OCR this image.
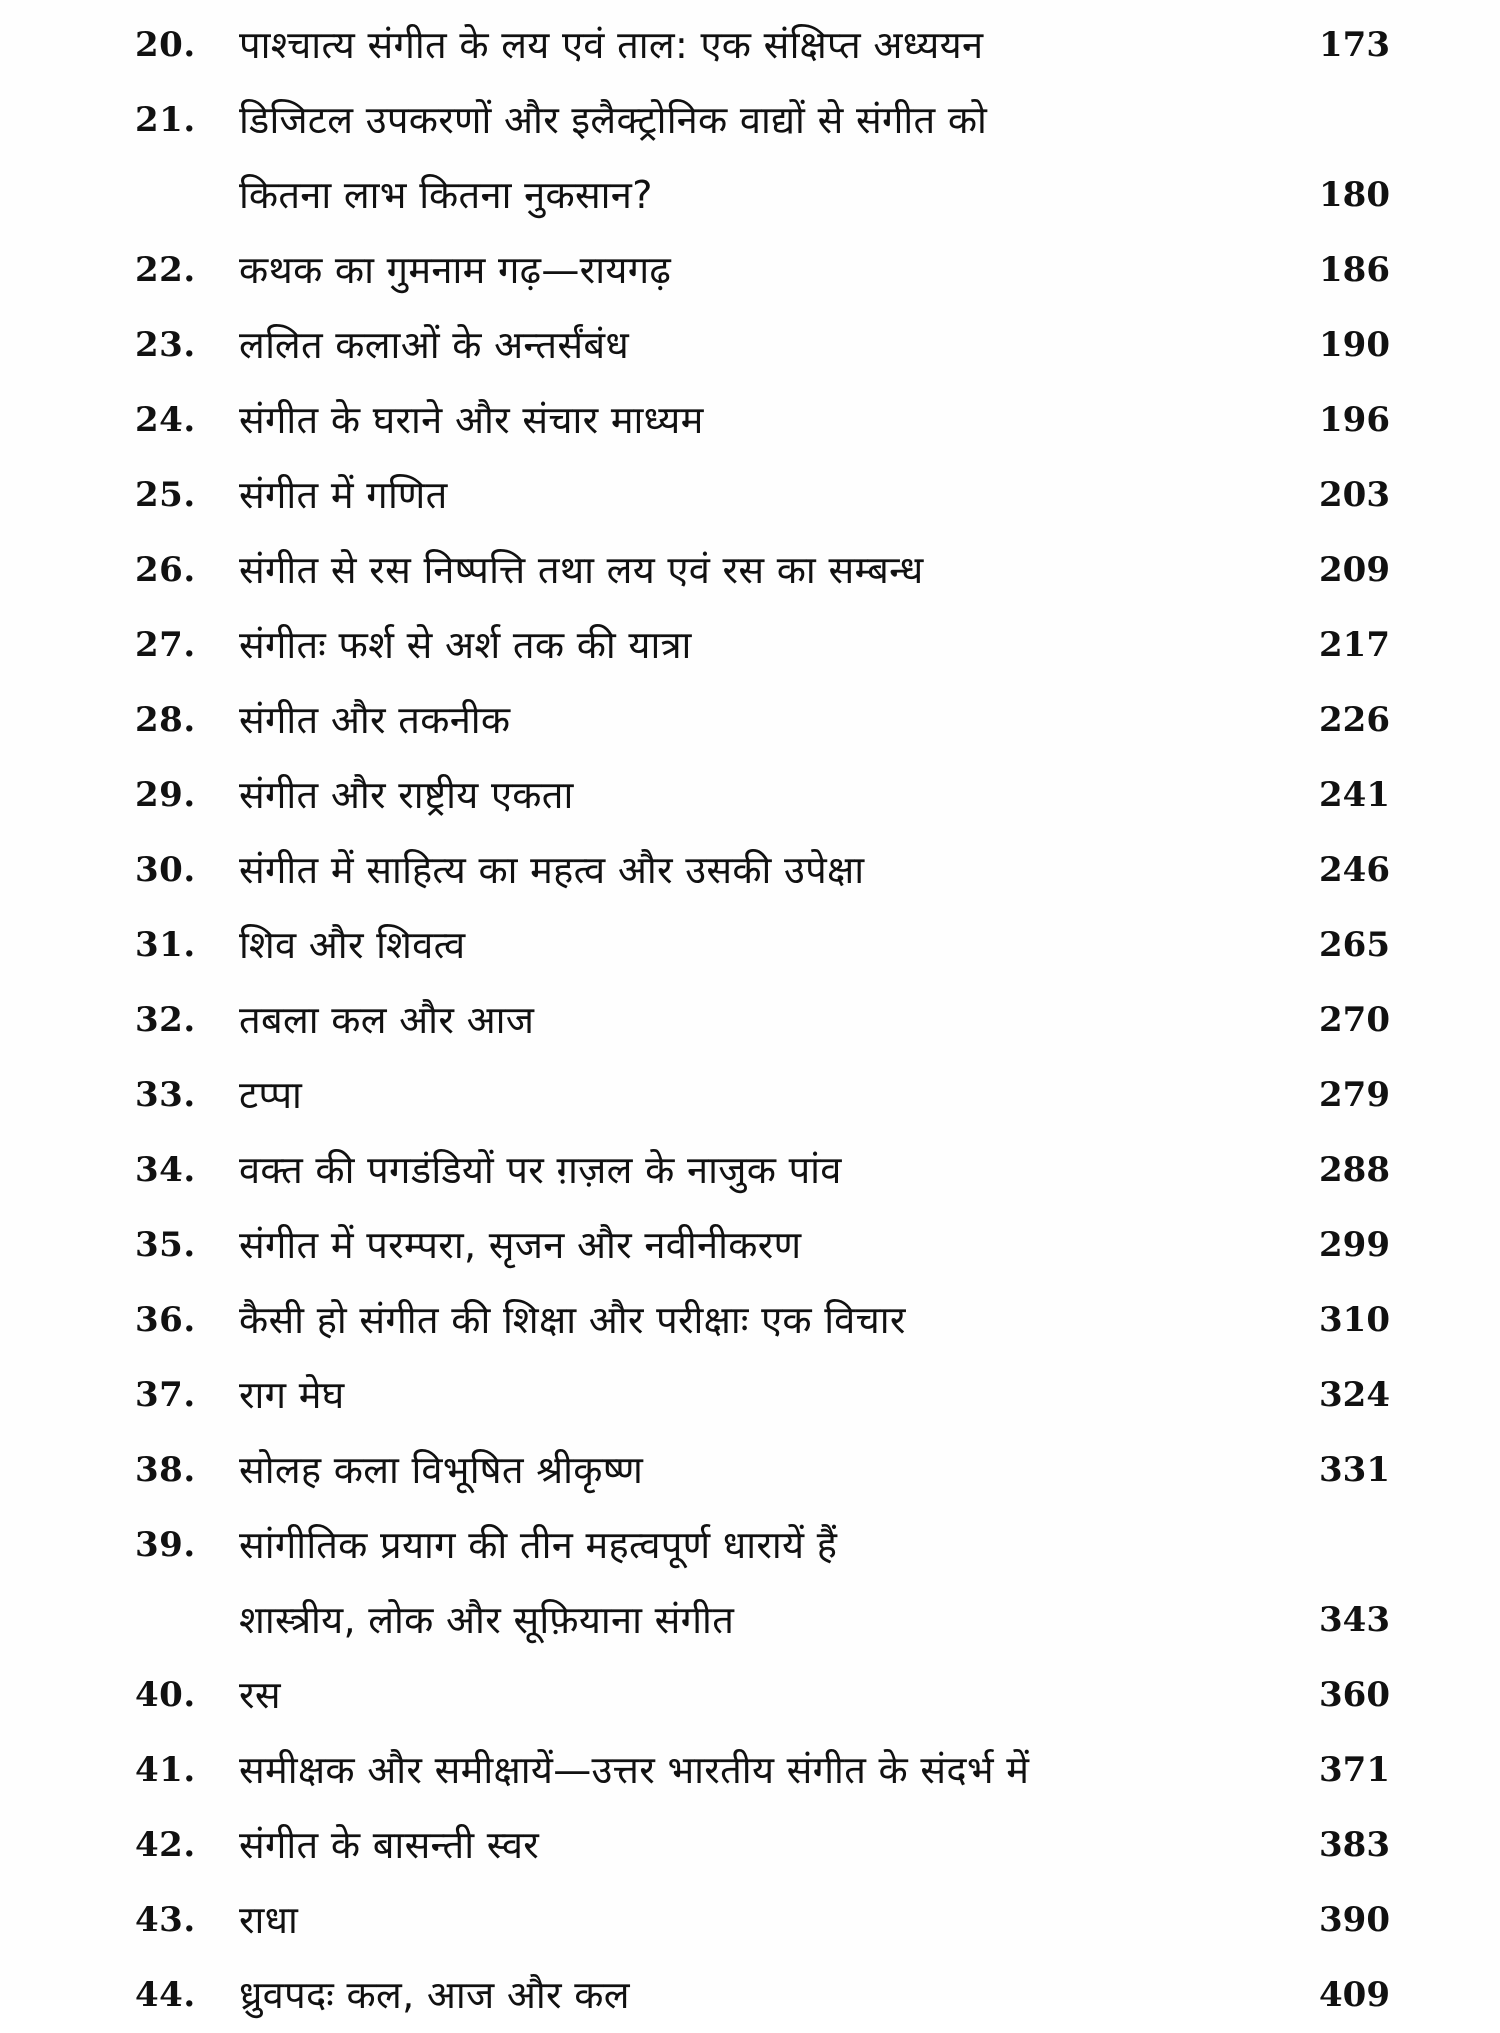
20.	पाश्चात्य संगीत के लय एवं ताल: एक संक्षिप्त अध्ययन	173
21.	डिजिटल उपकरणों और इलैक्ट्रोनिक वाद्यों से संगीत को
कितना लाभ कितना नुकसान?	180
22.	कथक का गुमनाम गढ़—रायगढ़	186
23.	ललित कलाओं के अन्तर्संबंध	190
24.	संगीत के घराने और संचार माध्यम	196
25.	संगीत में गणित	203
26.	संगीत से रस निष्पत्ति तथा लय एवं रस का सम्बन्ध	209
27.	संगीतः फर्श से अर्श तक की यात्रा	217
28.	संगीत और तकनीक	226
29.	संगीत और राष्ट्रीय एकता	241
30.	संगीत में साहित्य का महत्व और उसकी उपेक्षा	246
31.	शिव और शिवत्व	265
32.	तबला कल और आज	270
33.	टप्पा	279
34.	वक्त की पगडंडियों पर ग़ज़ल के नाजुक पांव	288
35.	संगीत में परम्परा, सृजन और नवीनीकरण	299
36.	कैसी हो संगीत की शिक्षा और परीक्षाः एक विचार	310
37.	राग मेघ	324
38.	सोलह कला विभूषित श्रीकृष्ण	331
39.	सांगीतिक प्रयाग की तीन महत्वपूर्ण धारायें हैं
शास्त्रीय, लोक और सूफ़ियाना संगीत	343
40.	रस	360
41.	समीक्षक और समीक्षायें—उत्तर भारतीय संगीत के संदर्भ में	371
42.	संगीत के बासन्ती स्वर	383
43.	राधा	390
44.	ध्रुवपदः कल, आज और कल	409
